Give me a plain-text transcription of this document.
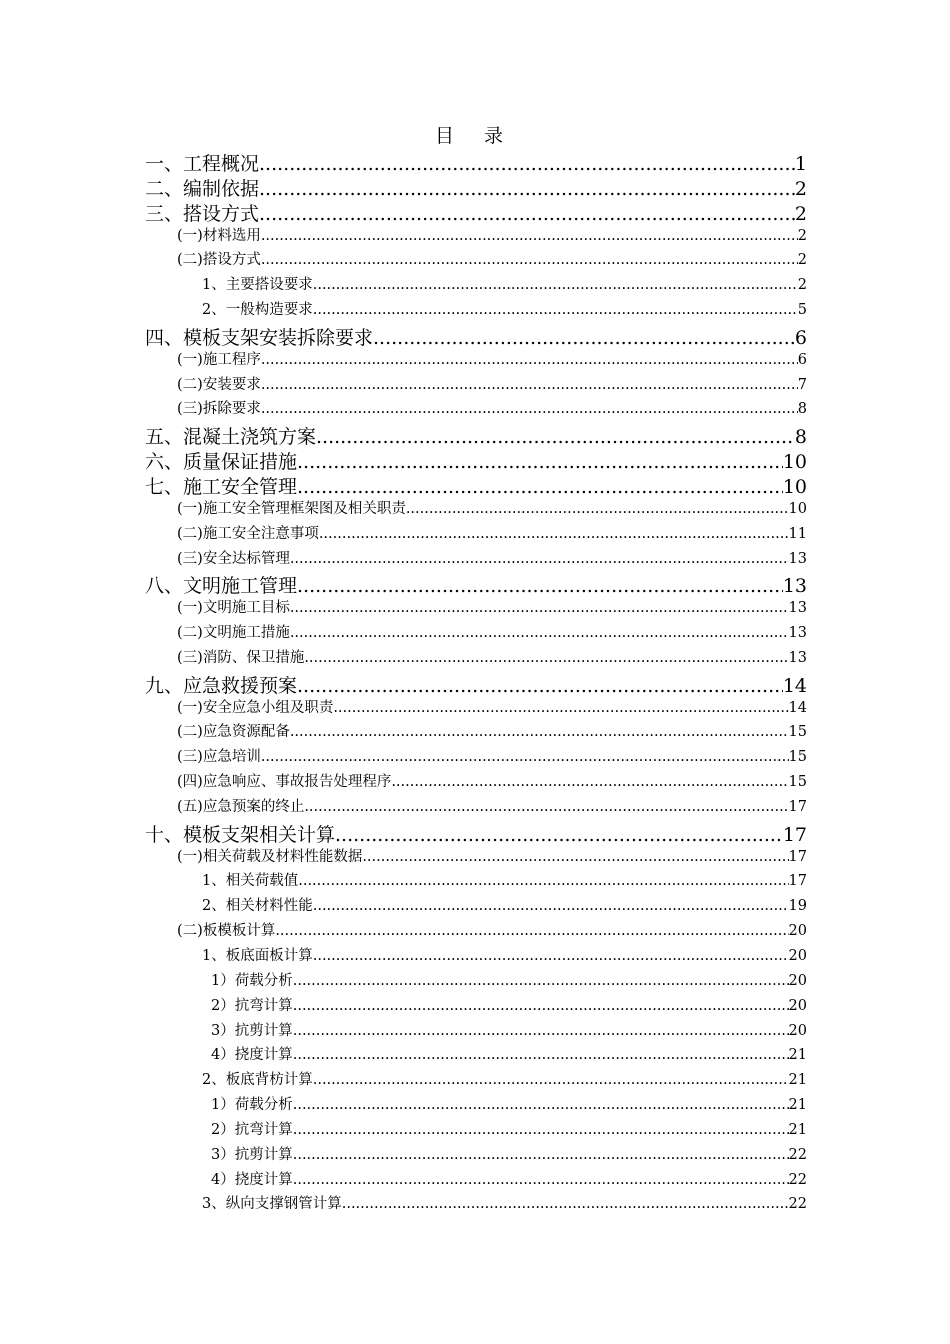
目 录
一、工程概况 .....	1
二、编制依据 .....	2
三、搭设方式 .....	2
(一)材料选用 .....	2
(二)搭设方式 .....	2
1、主要搭设要求 .....	2
2、一般构造要求 .....	5
四、模板支架安装拆除要求 .....	6
(一)施工程序 .....	6
(二)安装要求 .....	7
(三)拆除要求 .....	8
五、混凝土浇筑方案 .....	8
六、质量保证措施 .....	10
七、施工安全管理 .....	10
(一)施工安全管理框架图及相关职责 .....	10
(二)施工安全注意事项 .....	11
(三)安全达标管理 .....	13
八、文明施工管理 .....	13
(一)文明施工目标 .....	13
(二)文明施工措施 .....	13
(三)消防、保卫措施 .....	13
九、应急救援预案 .....	14
(一)安全应急小组及职责 .....	14
(二)应急资源配备 .....	15
(三)应急培训 .....	15
(四)应急响应、事故报告处理程序 .....	15
(五)应急预案的终止 .....	17
十、模板支架相关计算 .....	17
(一)相关荷载及材料性能数据 .....	17
1、相关荷载值 .....	17
2、相关材料性能 .....	19
(二)板模板计算 .....	20
1、板底面板计算 .....	20
1）荷载分析 .....	20
2）抗弯计算 .....	20
3）抗剪计算 .....	20
4）挠度计算 .....	21
2、板底背枋计算 .....	21
1）荷载分析 .....	21
2）抗弯计算 .....	21
3）抗剪计算 .....	22
4）挠度计算 .....	22
3、纵向支撑钢管计算 .....	22
